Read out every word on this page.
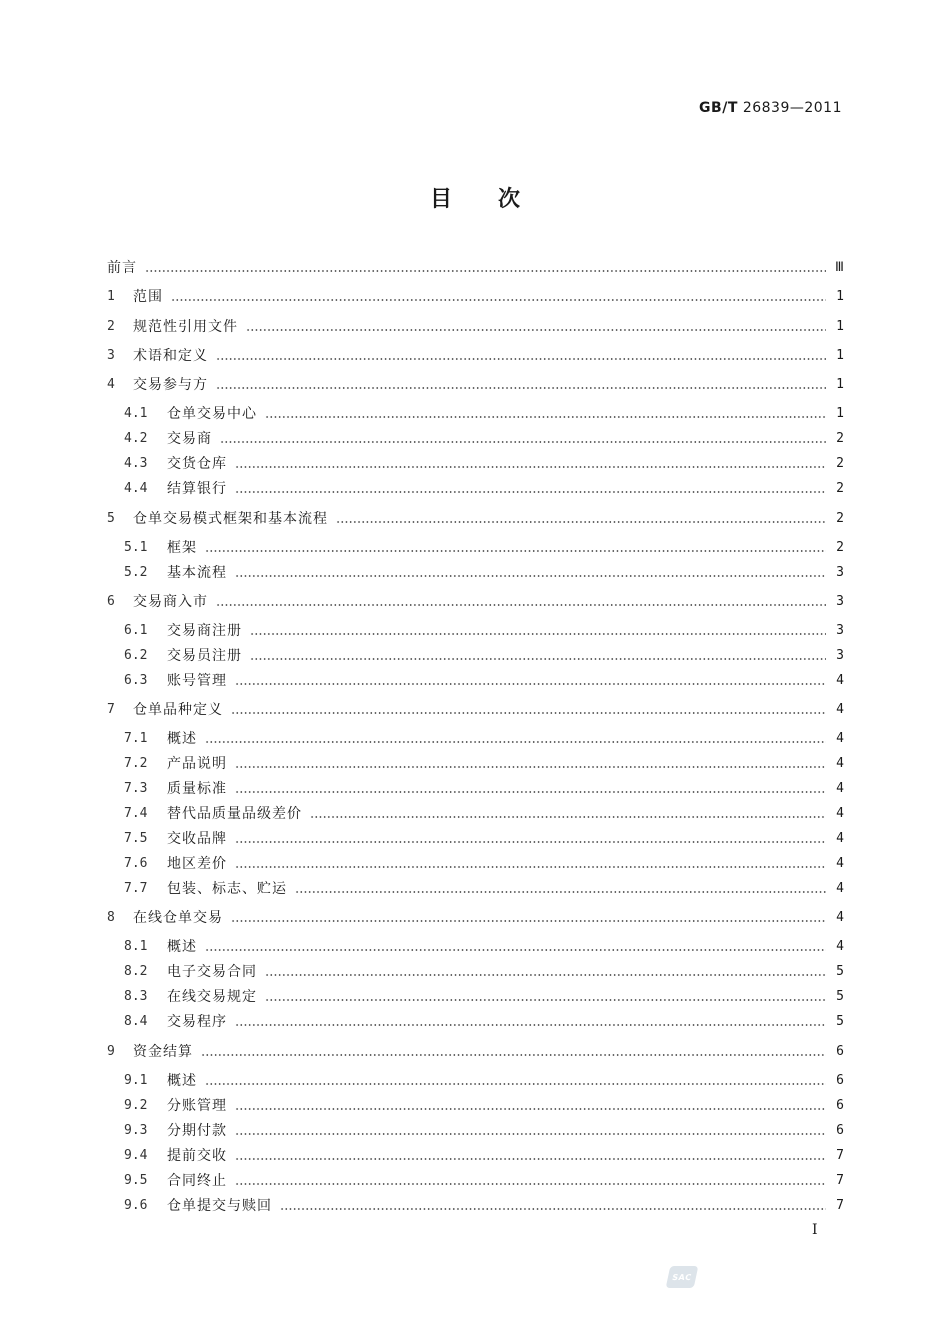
GB/T 26839—2011
目 次
前言	Ⅲ
1	范围	1
2	规范性引用文件	1
3	术语和定义	1
4	交易参与方	1
4.1	仓单交易中心	1
4.2	交易商	2
4.3	交货仓库	2
4.4	结算银行	2
5	仓单交易模式框架和基本流程	2
5.1	框架	2
5.2	基本流程	3
6	交易商入市	3
6.1	交易商注册	3
6.2	交易员注册	3
6.3	账号管理	4
7	仓单品种定义	4
7.1	概述	4
7.2	产品说明	4
7.3	质量标准	4
7.4	替代品质量品级差价	4
7.5	交收品牌	4
7.6	地区差价	4
7.7	包装、标志、贮运	4
8	在线仓单交易	4
8.1	概述	4
8.2	电子交易合同	5
8.3	在线交易规定	5
8.4	交易程序	5
9	资金结算	6
9.1	概述	6
9.2	分账管理	6
9.3	分期付款	6
9.4	提前交收	7
9.5	合同终止	7
9.6	仓单提交与赎回	7
I
SAC
